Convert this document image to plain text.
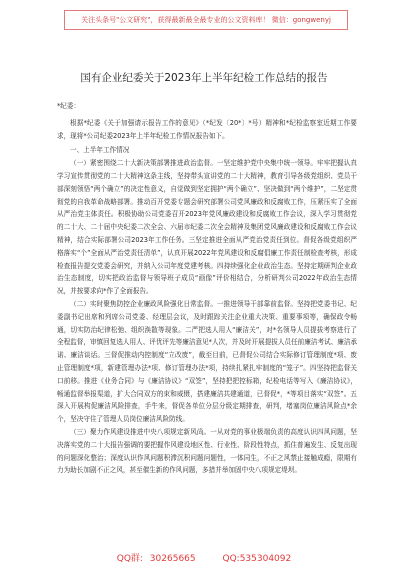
关注头条号"公文研究"，获得最新最全最专业的公文资料库！ 微信：gongwenyj
国有企业纪委关于2023年上半年纪检工作总结的报告

*纪委：

根据*纪委《关于加强请示报告工作的意见》（*纪发〔20*〕*号）精神和*纪检监察室近期工作要求，现将*公司纪委2023年上半年纪检工作情况报告如下。

一、上半年工作情况

（一）紧密围绕二十大新决策部署推进政治监督。一坚定维护党中央集中统一领导。牢牢把握认真学习宣传贯彻党的二十大精神这条主线，坚持带头宣讲党的二十大精神，教育引导各级党组织、党员干部深刻领悟“两个确立”的决定性意义，自觉做到坚定拥护“两个确立”、坚决做到“两个维护”，二坚定贯彻党的自我革命战略部署。推动百开党委专题会研究部署公司党风廉政和反腐败工作，压紧压实了全面从严治党主体责任。积极协助公司党委召开2023年党风廉政建设和反腐败工作会议，深入学习贯彻党的二十大、二十届中央纪委二次全会、六届市纪委二次全会精神及集团党风廉政建设和反腐败工作会议精神，结合实际部署公司2023年工作任务。三坚定推进全面从严党治党责任到位。督促各级党组织严格落实“个”全面从严治党责任清单”，认真开展2022年党风建设和反腐倡廉工作责任制检查考核，形成检查报告提交党委会研究，并纳入公司年度党建考核。四持续强化企业政治生态。坚持定期研判企业政治生态制度，切实把政治监督与领导班子成员“画像”评价相结合，分析研判公司2022年政治生态情况，并按要求向*作了全面报告。

（二）实时聚焦防控企业廉政风险强化日常监督。一推进领导干部靠前监督。坚持把党委书记、纪委副书记出席和列席公司党委、经理层会议，及时跟踪关注企业重大决策、重要事项等，确保政令畅通，切实防治纪律松弛、组织涣散等现象。二严把选人用人“廉洁关”，对*名领导人员提拔考察进行了全程监督，审慎回复选人用人、评优评先等廉洁意见*人次，并及时开展提拔人员任前廉洁考试、廉洁承诺、廉洁谈话。三督促推动内控制度“立改废”，截至目前，已督促公司结合实际修订管理制度*项、废止管理制度*项，新建管理办法*项、修订管理办法*项，持续扎紧扎牢制度的“笼子”。四坚持把监督关口前移。推进《业务合同》与《廉洁协议》“双签”，坚持把把控标箱，纪检电话等写入《廉洁协议》，畅通监督举报渠道，扩大合同双方的束和威慑，搭建廉洁共建通道，已督促*，*等项目落实“双签”。五深入开展构促廉洁风险排查，手牛来，督促各单位分层分级定期排查，研判，堵塞岗位廉洁风险点*余个，坚决守住了管理人员岗位廉洁风险防线。

（三）聚力作风建设推进中央八项规定新风尚。一从对党的事业极端负责的高度认识四风问题，坚决落实党的二十大报告强调的要把握作风建设地区性、行业性、阶段性特点，抓住普遍发生、反复出现的问题深化整治；深度认识作风问题积滞沉积问题问题性，一体同生，不正之风禁止接触成瘾，限期有力为助长加剧不正之风，甚至催生新的作风问题，多措并举加固中央八项规定堤坝。

QQ群: 30265665	QQ:535304092
